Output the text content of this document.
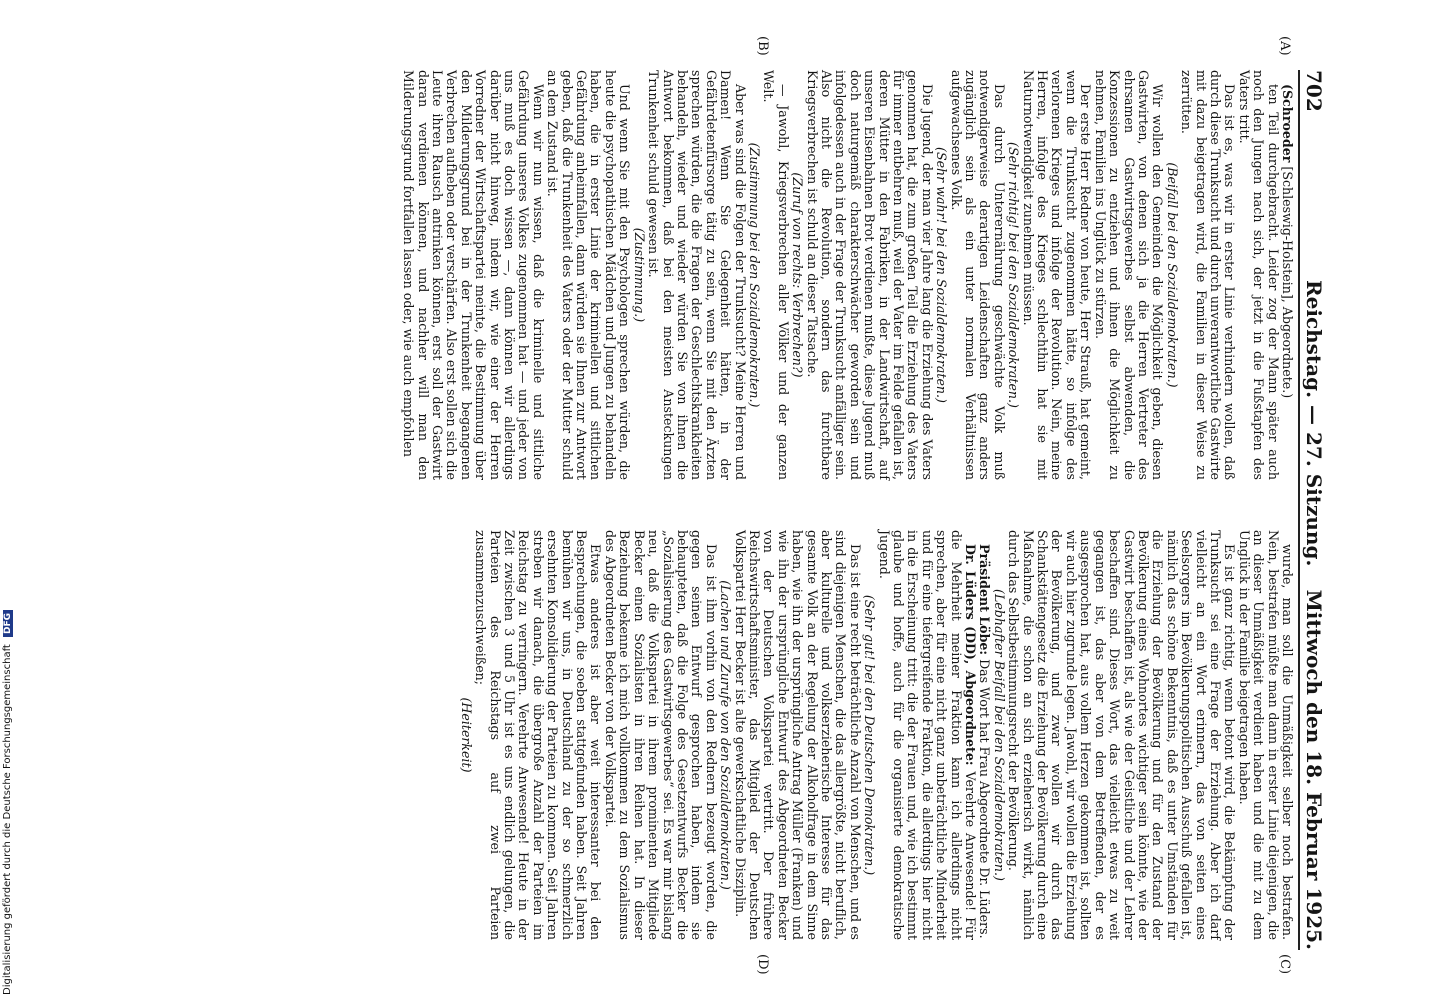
702
Reichstag. — 27. Sitzung.
Mittwoch den 18. Februar 1925.
(A)
(B)
(C)
(D)

(Schroeder [Schleswig-Holstein], Abgeordnete.)

ten Teil durchgebracht. Leider zog der Mann später auch noch den Jungen nach sich, der jetzt in die Fußstapfen des Vaters tritt.

Das ist es, was wir in erster Linie verhindern wollen, daß durch diese Trunksucht und durch unverantwortliche Gastwirte mit dazu beigetragen wird, die Familien in dieser Weise zu zerrütten.

(Beifall bei den Sozialdemokraten.)

Wir wollen den Gemeinden die Möglichkeit geben, diesen Gastwirten, von denen sich ja die Herren Vertreter des ehrsamen Gastwirtsgewerbes selbst abwenden, die Konzessionen zu entziehen und ihnen die Möglichkeit zu nehmen, Familien ins Unglück zu stürzen.

Der erste Herr Redner von heute, Herr Strauß, hat gemeint, wenn die Trunksucht zugenommen hätte, so infolge des verlorenen Krieges und infolge der Revolution. Nein, meine Herren, infolge des Krieges schlechthin hat sie mit Naturnotwendigkeit zunehmen müssen.

(Sehr richtig! bei den Sozialdemokraten.)

Das durch Unterernährung geschwächte Volk muß notwendigerweise derartigen Leidenschaften ganz anders zugänglich sein als ein unter normalen Verhältnissen aufgewachsenes Volk.

(Sehr wahr! bei den Sozialdemokraten.)

Die Jugend, der man vier Jahre lang die Erziehung des Vaters genommen hat, die zum großen Teil die Erziehung des Vaters für immer entbehren muß, weil der Vater im Felde gefallen ist, deren Mütter in den Fabriken, in der Landwirtschaft, auf unseren Eisenbahnen Brot verdienen mußte, diese Jugend muß doch naturgemäß charakterschwächer geworden sein und infolgedessen auch in der Frage der Trunksucht anfälliger sein. Also nicht die Revolution, sondern das furchtbare Kriegsverbrechen ist schuld an dieser Tatsache.

(Zuruf von rechts: Verbrechen?)

— Jawohl, Kriegsverbrechen aller Völker und der ganzen Welt.

(Zustimmung bei den Sozialdemokraten.)

Aber was sind die Folgen der Trunksucht? Meine Herren und Damen! Wenn Sie Gelegenheit hätten, in der Gefährdetenfürsorge tätig zu sein, wenn Sie mit den Ärzten sprechen würden, die die Fragen der Geschlechtskrankheiten behandeln, wieder und wieder würden Sie von ihnen die Antwort bekommen, daß bei den meisten Ansteckungen Trunkenheit schuld gewesen ist.

(Zustimmung.)

Und wenn Sie mit den Psychologen sprechen würden, die heute die psychopathischen Mädchen und Jungen zu behandeln haben, die in erster Linie der kriminellen und sittlichen Gefährdung anheimfallen, dann würden sie Ihnen zur Antwort geben, daß die Trunkenheit des Vaters oder der Mutter schuld an dem Zustand ist.

Wenn wir nun wissen, daß die kriminelle und sittliche Gefährdung unseres Volkes zugenommen hat — und jeder von uns muß es doch wissen —, dann können wir allerdings darüber nicht hinweg, indem wir, wie einer der Herren Vorredner der Wirtschaftspartei meinte, die Bestimmung über den Milderungsgrund bei in der Trunkenheit begangenen Verbrechen aufheben oder verschärfen. Also erst sollen sich die Leute ihren Rausch antrinken können, erst soll der Gastwirt daran verdienen können, und nachher will man den Milderungsgrund fortfallen lassen oder, wie auch empfohlen

wurde, man soll die Unmäßigkeit selber noch bestrafen. Nein, bestrafen müßte man dann in erster Linie diejenigen, die an dieser Unmäßigkeit verdient haben und die mit zu dem Unglück in der Familie beigetragen haben.

Es ist ganz richtig, wenn betont wird, die Bekämpfung der Trunksucht sei eine Frage der Erziehung. Aber ich darf vielleicht an ein Wort erinnern, das von seiten eines Seelsorgers im Bevölkerungspolitischen Ausschuß gefallen ist, nämlich das schöne Bekenntnis, daß es unter Umständen für die Erziehung der Bevölkerung und für den Zustand der Bevölkerung eines Wohnortes wichtiger sein könnte, wie der Gastwirt beschaffen ist, als wie der Geistliche und der Lehrer beschaffen sind. Dieses Wort, das vielleicht etwas zu weit gegangen ist, das aber von dem Betreffenden, der es ausgesprochen hat, aus vollem Herzen gekommen ist, sollten wir auch hier zugrunde legen. Jawohl, wir wollen die Erziehung der Bevölkerung, und zwar wollen wir durch das Schankstättengesetz die Erziehung der Bevölkerung durch eine Maßnahme, die schon an sich erzieherisch wirkt, nämlich durch das Selbstbestimmungsrecht der Bevölkerung.

(Lebhafter Beifall bei den Sozialdemokraten.)

Präsident Löbe: Das Wort hat Frau Abgeordnete Dr. Lüders.

Dr. Lüders (DD), Abgeordnete: Verehrte Anwesende! Für die Mehrheit meiner Fraktion kann ich allerdings nicht sprechen, aber für eine nicht ganz unbeträchtliche Minderheit und für eine tiefergreifende Fraktion, die allerdings hier nicht in die Erscheinung tritt: die der Frauen und, wie ich bestimmt glaube und hoffe, auch für die organisierte demokratische Jugend.

(Sehr gut! bei den Deutschen Demokraten.)

Das ist eine recht beträchtliche Anzahl von Menschen, und es sind diejenigen Menschen, die das allergrößte, nicht beruflich, aber kulturelle und volkserzieherische Interesse für das gesamte Volk an der Regelung der Alkoholfrage in dem Sinne haben, wie ihn der ursprüngliche Antrag Müller (Franken) und wie ihn der ursprüngliche Entwurf des Abgeordneten Becker von der Deutschen Volkspartei vertritt. Der frühere Reichswirtschaftsminister, das Mitglied der Deutschen Volkspartei Herr Becker ist alte gewerkschaftliche Disziplin.

(Lachen und Zurufe von den Sozialdemokraten.)

Das ist ihm vorhin von den Rednern bezeugt worden, die gegen seinen Entwurf gesprochen haben, indem sie behaupteten, daß die Folge des Gesetzentwurfs Becker die „Sozialisierung des Gastwirtsgewerbes“ sei. Es war mir bislang neu, daß die Volkspartei in ihrem prominenten Mitgliede Becker einen Sozialisten in ihren Reihen hat. In dieser Beziehung bekenne ich mich vollkommen zu dem Sozialismus des Abgeordneten Becker von der Volkspartei.

Etwas anderes ist aber weit interessanter bei den Besprechungen, die soeben stattgefunden haben. Seit Jahren bemühen wir uns, in Deutschland zu der so schmerzlich ersehnten Konsolidierung der Parteien zu kommen. Seit Jahren streben wir danach, die übergroße Anzahl der Parteien im Reichstag zu verringern. Verehrte Anwesende! Heute in der Zeit zwischen 3 und 5 Uhr ist es uns endlich gelungen, die Parteien des Reichstags auf zwei Parteien zusammenzuschweißen;

(Heiterkeit)

Digitalisierung gefördert durch die Deutsche Forschungsgemeinschaft DFG
